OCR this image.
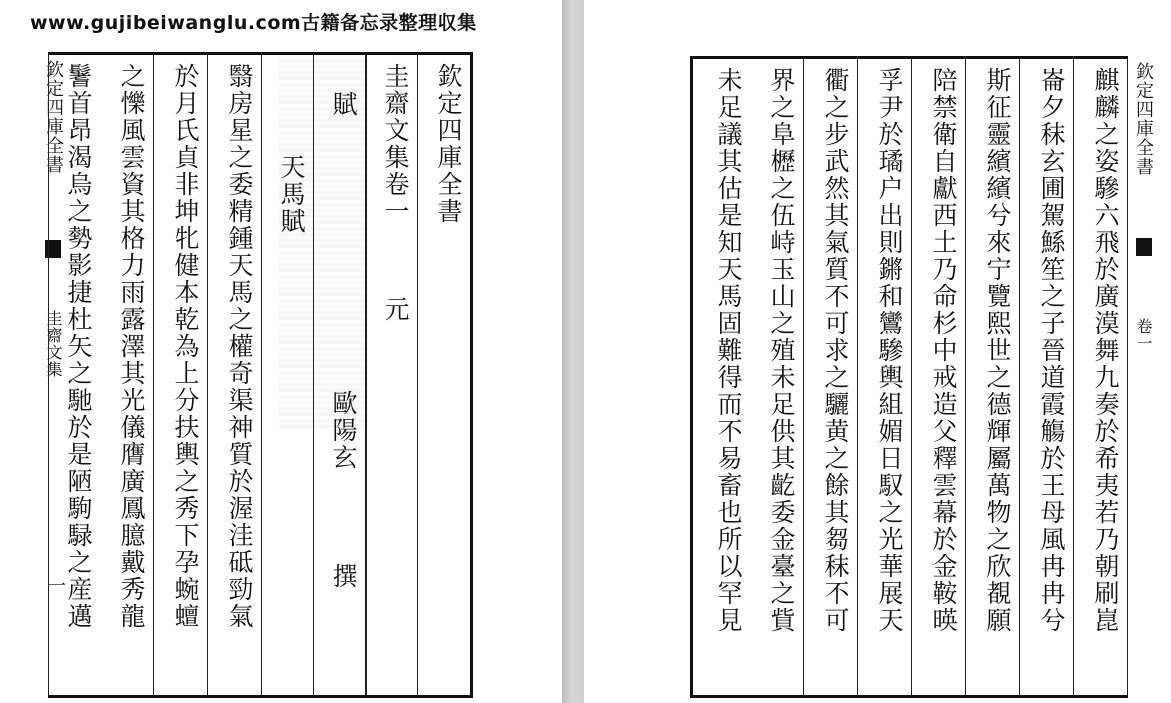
www.gujibeiwanglu.com古籍备忘录整理収集
欽定四庫全書
圭齋文集
一
欽定四庫全書
圭齋文集卷一 元
賦  歐陽玄  撰
天馬賦
翳房星之委精鍾天馬之權奇渠神質於渥洼砥勁氣
於月氏貞非坤牝健本乾為上分扶輿之秀下孕蜿蟺
之㦡風雲資其格力雨露澤其光儀膺廣鳳臆戴秀龍
鬐首昂渴烏之勢影捷杜矢之馳於是陋駒騄之産邁	麒麟之姿驂六飛於廣漠舞九奏於希夷若乃朝刷崑
崙夕秣玄圃駕鯀笙之子晉道霞觴於王母風冉冉兮
斯征靈繽繽兮來宁覽熙世之德輝屬萬物之欣覩願
陪禁衛自獻西土乃命杉中戒造父釋雲幕於金鞍暎
孚尹於璚户出則鏘和鸞驂輿組媚日馭之光華展天
衢之步武然其氣質不可求之驪黄之餘其芻秣不可
界之阜櫪之伍峙玉山之殖未足供其齕委金臺之貲
未足議其估是知天馬固難得而不易畜也所以罕見	欽定四庫全書
卷一
